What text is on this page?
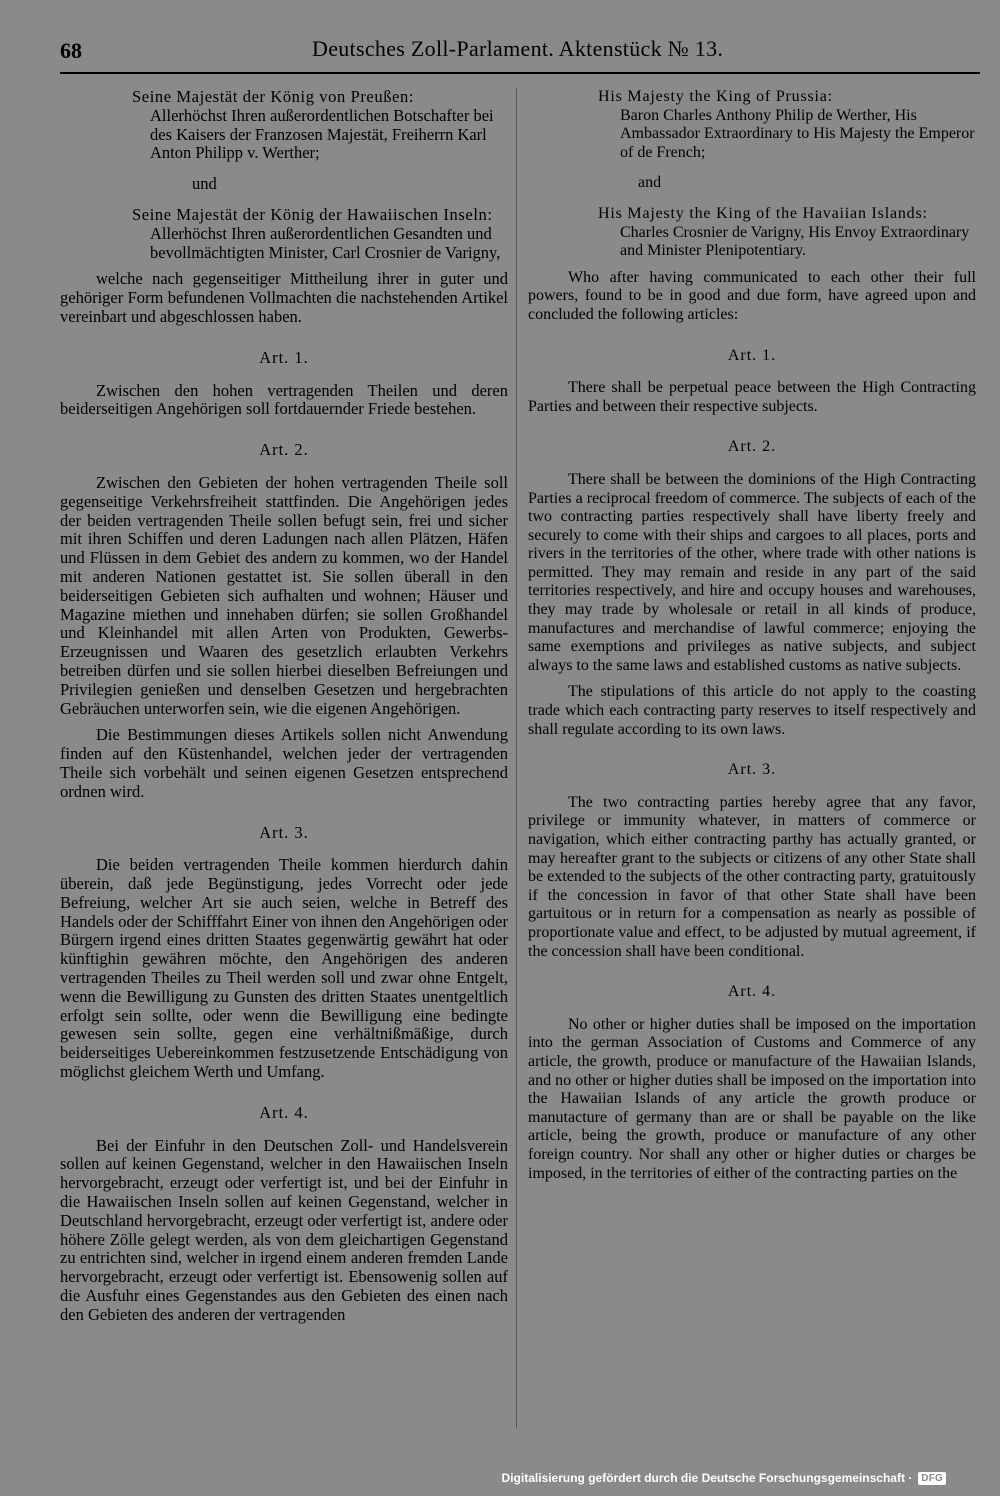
68	Deutsches Zoll-Parlament. Aktenstück № 13.

Seine Majestät der König von Preußen:

Allerhöchst Ihren außerordentlichen Botschafter bei des Kaisers der Franzosen Majestät, Freiherrn Karl Anton Philipp v. Werther;

und

Seine Majestät der König der Hawaiischen Inseln:

Allerhöchst Ihren außerordentlichen Gesandten und bevollmächtigten Minister, Carl Crosnier de Varigny,

welche nach gegenseitiger Mittheilung ihrer in guter und gehöriger Form befundenen Vollmachten die nachstehenden Artikel vereinbart und abgeschlossen haben.

Art. 1.

Zwischen den hohen vertragenden Theilen und deren beiderseitigen Angehörigen soll fortdauernder Friede bestehen.

Art. 2.

Zwischen den Gebieten der hohen vertragenden Theile soll gegenseitige Verkehrsfreiheit stattfinden. Die Angehörigen jedes der beiden vertragenden Theile sollen befugt sein, frei und sicher mit ihren Schiffen und deren Ladungen nach allen Plätzen, Häfen und Flüssen in dem Gebiet des andern zu kommen, wo der Handel mit anderen Nationen gestattet ist. Sie sollen überall in den beiderseitigen Gebieten sich aufhalten und wohnen; Häuser und Magazine miethen und innehaben dürfen; sie sollen Großhandel und Kleinhandel mit allen Arten von Produkten, Gewerbs-Erzeugnissen und Waaren des gesetzlich erlaubten Verkehrs betreiben dürfen und sie sollen hierbei dieselben Befreiungen und Privilegien genießen und denselben Gesetzen und hergebrachten Gebräuchen unterworfen sein, wie die eigenen Angehörigen.

Die Bestimmungen dieses Artikels sollen nicht Anwendung finden auf den Küstenhandel, welchen jeder der vertragenden Theile sich vorbehält und seinen eigenen Gesetzen entsprechend ordnen wird.

Art. 3.

Die beiden vertragenden Theile kommen hierdurch dahin überein, daß jede Begünstigung, jedes Vorrecht oder jede Befreiung, welcher Art sie auch seien, welche in Betreff des Handels oder der Schifffahrt Einer von ihnen den Angehörigen oder Bürgern irgend eines dritten Staates gegenwärtig gewährt hat oder künftighin gewähren möchte, den Angehörigen des anderen vertragenden Theiles zu Theil werden soll und zwar ohne Entgelt, wenn die Bewilligung zu Gunsten des dritten Staates unentgeltlich erfolgt sein sollte, oder wenn die Bewilligung eine bedingte gewesen sein sollte, gegen eine verhältnißmäßige, durch beiderseitiges Uebereinkommen festzusetzende Entschädigung von möglichst gleichem Werth und Umfang.

Art. 4.

Bei der Einfuhr in den Deutschen Zoll- und Handelsverein sollen auf keinen Gegenstand, welcher in den Hawaiischen Inseln hervorgebracht, erzeugt oder verfertigt ist, und bei der Einfuhr in die Hawaiischen Inseln sollen auf keinen Gegenstand, welcher in Deutschland hervorgebracht, erzeugt oder verfertigt ist, andere oder höhere Zölle gelegt werden, als von dem gleichartigen Gegenstand zu entrichten sind, welcher in irgend einem anderen fremden Lande hervorgebracht, erzeugt oder verfertigt ist. Ebensowenig sollen auf die Ausfuhr eines Gegenstandes aus den Gebieten des einen nach den Gebieten des anderen der vertragenden

His Majesty the King of Prussia:

Baron Charles Anthony Philip de Werther, His Ambassador Extraordinary to His Majesty the Emperor of de French;

and

His Majesty the King of the Havaiian Islands:

Charles Crosnier de Varigny, His Envoy Extraordinary and Minister Plenipotentiary.

Who after having communicated to each other their full powers, found to be in good and due form, have agreed upon and concluded the following articles:

Art. 1.

There shall be perpetual peace between the High Contracting Parties and between their respective subjects.

Art. 2.

There shall be between the dominions of the High Contracting Parties a reciprocal freedom of commerce. The subjects of each of the two contracting parties respectively shall have liberty freely and securely to come with their ships and cargoes to all places, ports and rivers in the territories of the other, where trade with other nations is permitted. They may remain and reside in any part of the said territories respectively, and hire and occupy houses and warehouses, they may trade by wholesale or retail in all kinds of produce, manufactures and merchandise of lawful commerce; enjoying the same exemptions and privileges as native subjects, and subject always to the same laws and established customs as native subjects.

The stipulations of this article do not apply to the coasting trade which each contracting party reserves to itself respectively and shall regulate according to its own laws.

Art. 3.

The two contracting parties hereby agree that any favor, privilege or immunity whatever, in matters of commerce or navigation, which either contracting parthy has actually granted, or may hereafter grant to the subjects or citizens of any other State shall be extended to the subjects of the other contracting party, gratuitously if the concession in favor of that other State shall have been gartuitous or in return for a compensation as nearly as possible of proportionate value and effect, to be adjusted by mutual agreement, if the concession shall have been conditional.

Art. 4.

No other or higher duties shall be imposed on the importation into the german Association of Customs and Commerce of any article, the growth, produce or manufacture of the Hawaiian Islands, and no other or higher duties shall be imposed on the importation into the Hawaiian Islands of any article the growth produce or manutacture of germany than are or shall be payable on the like article, being the growth, produce or manufacture of any other foreign country. Nor shall any other or higher duties or charges be imposed, in the territories of either of the contracting parties on the

Digitalisierung gefördert durch die Deutsche Forschungsgemeinschaft · DFG
